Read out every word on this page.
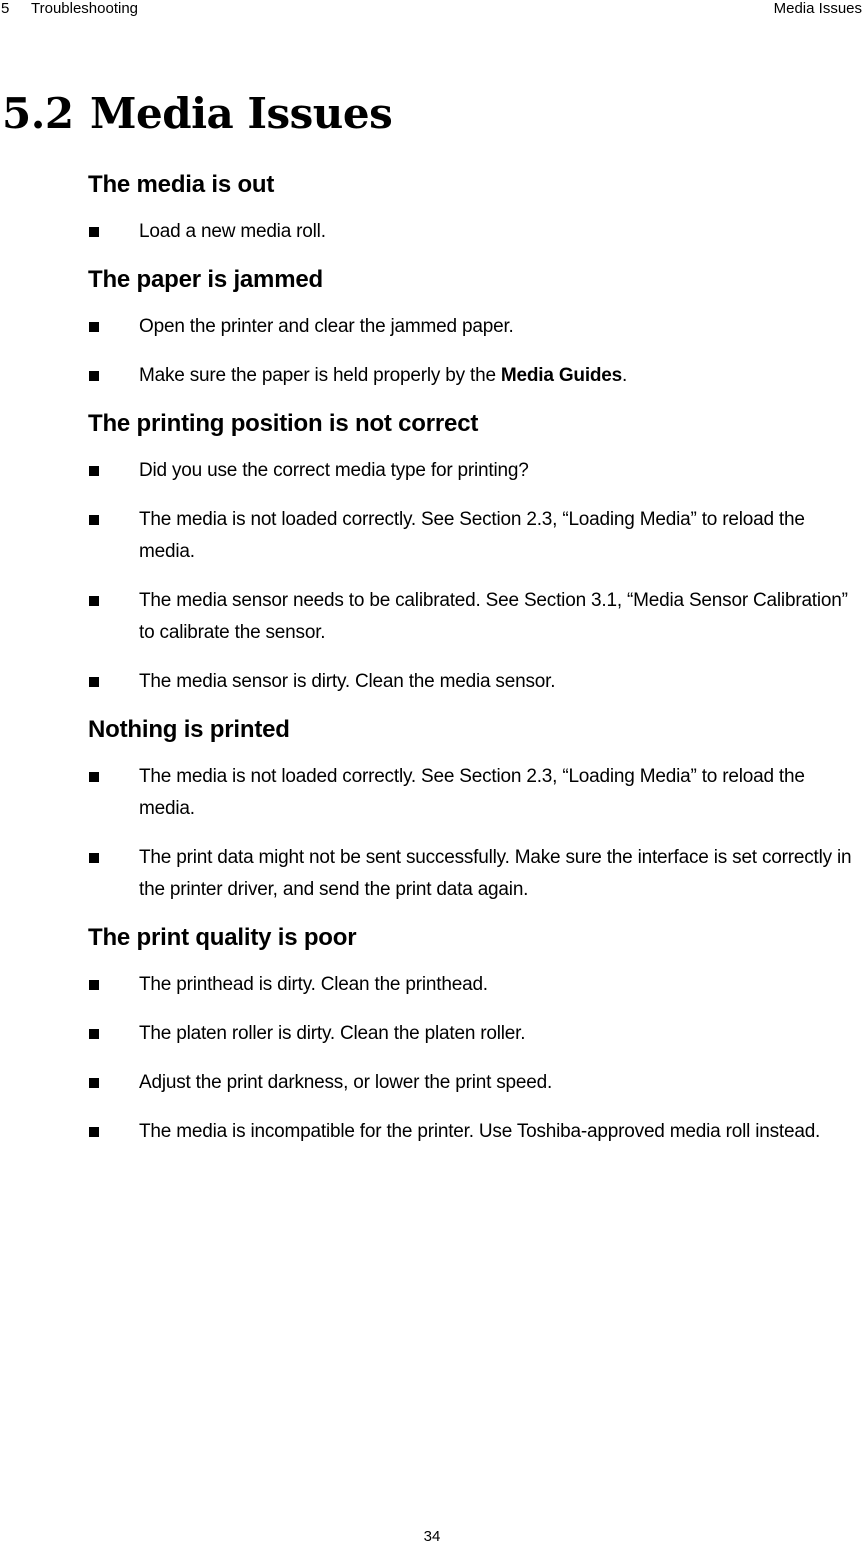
5 Troubleshooting	Media Issues
5.2 Media Issues
The media is out
Load a new media roll.
The paper is jammed
Open the printer and clear the jammed paper.
Make sure the paper is held properly by the Media Guides.
The printing position is not correct
Did you use the correct media type for printing?
The media is not loaded correctly. See Section 2.3, “Loading Media” to reload the media.
The media sensor needs to be calibrated. See Section 3.1, “Media Sensor Calibration” to calibrate the sensor.
The media sensor is dirty. Clean the media sensor.
Nothing is printed
The media is not loaded correctly. See Section 2.3, “Loading Media” to reload the media.
The print data might not be sent successfully. Make sure the interface is set correctly in the printer driver, and send the print data again.
The print quality is poor
The printhead is dirty. Clean the printhead.
The platen roller is dirty. Clean the platen roller.
Adjust the print darkness, or lower the print speed.
The media is incompatible for the printer. Use Toshiba-approved media roll instead.
34
